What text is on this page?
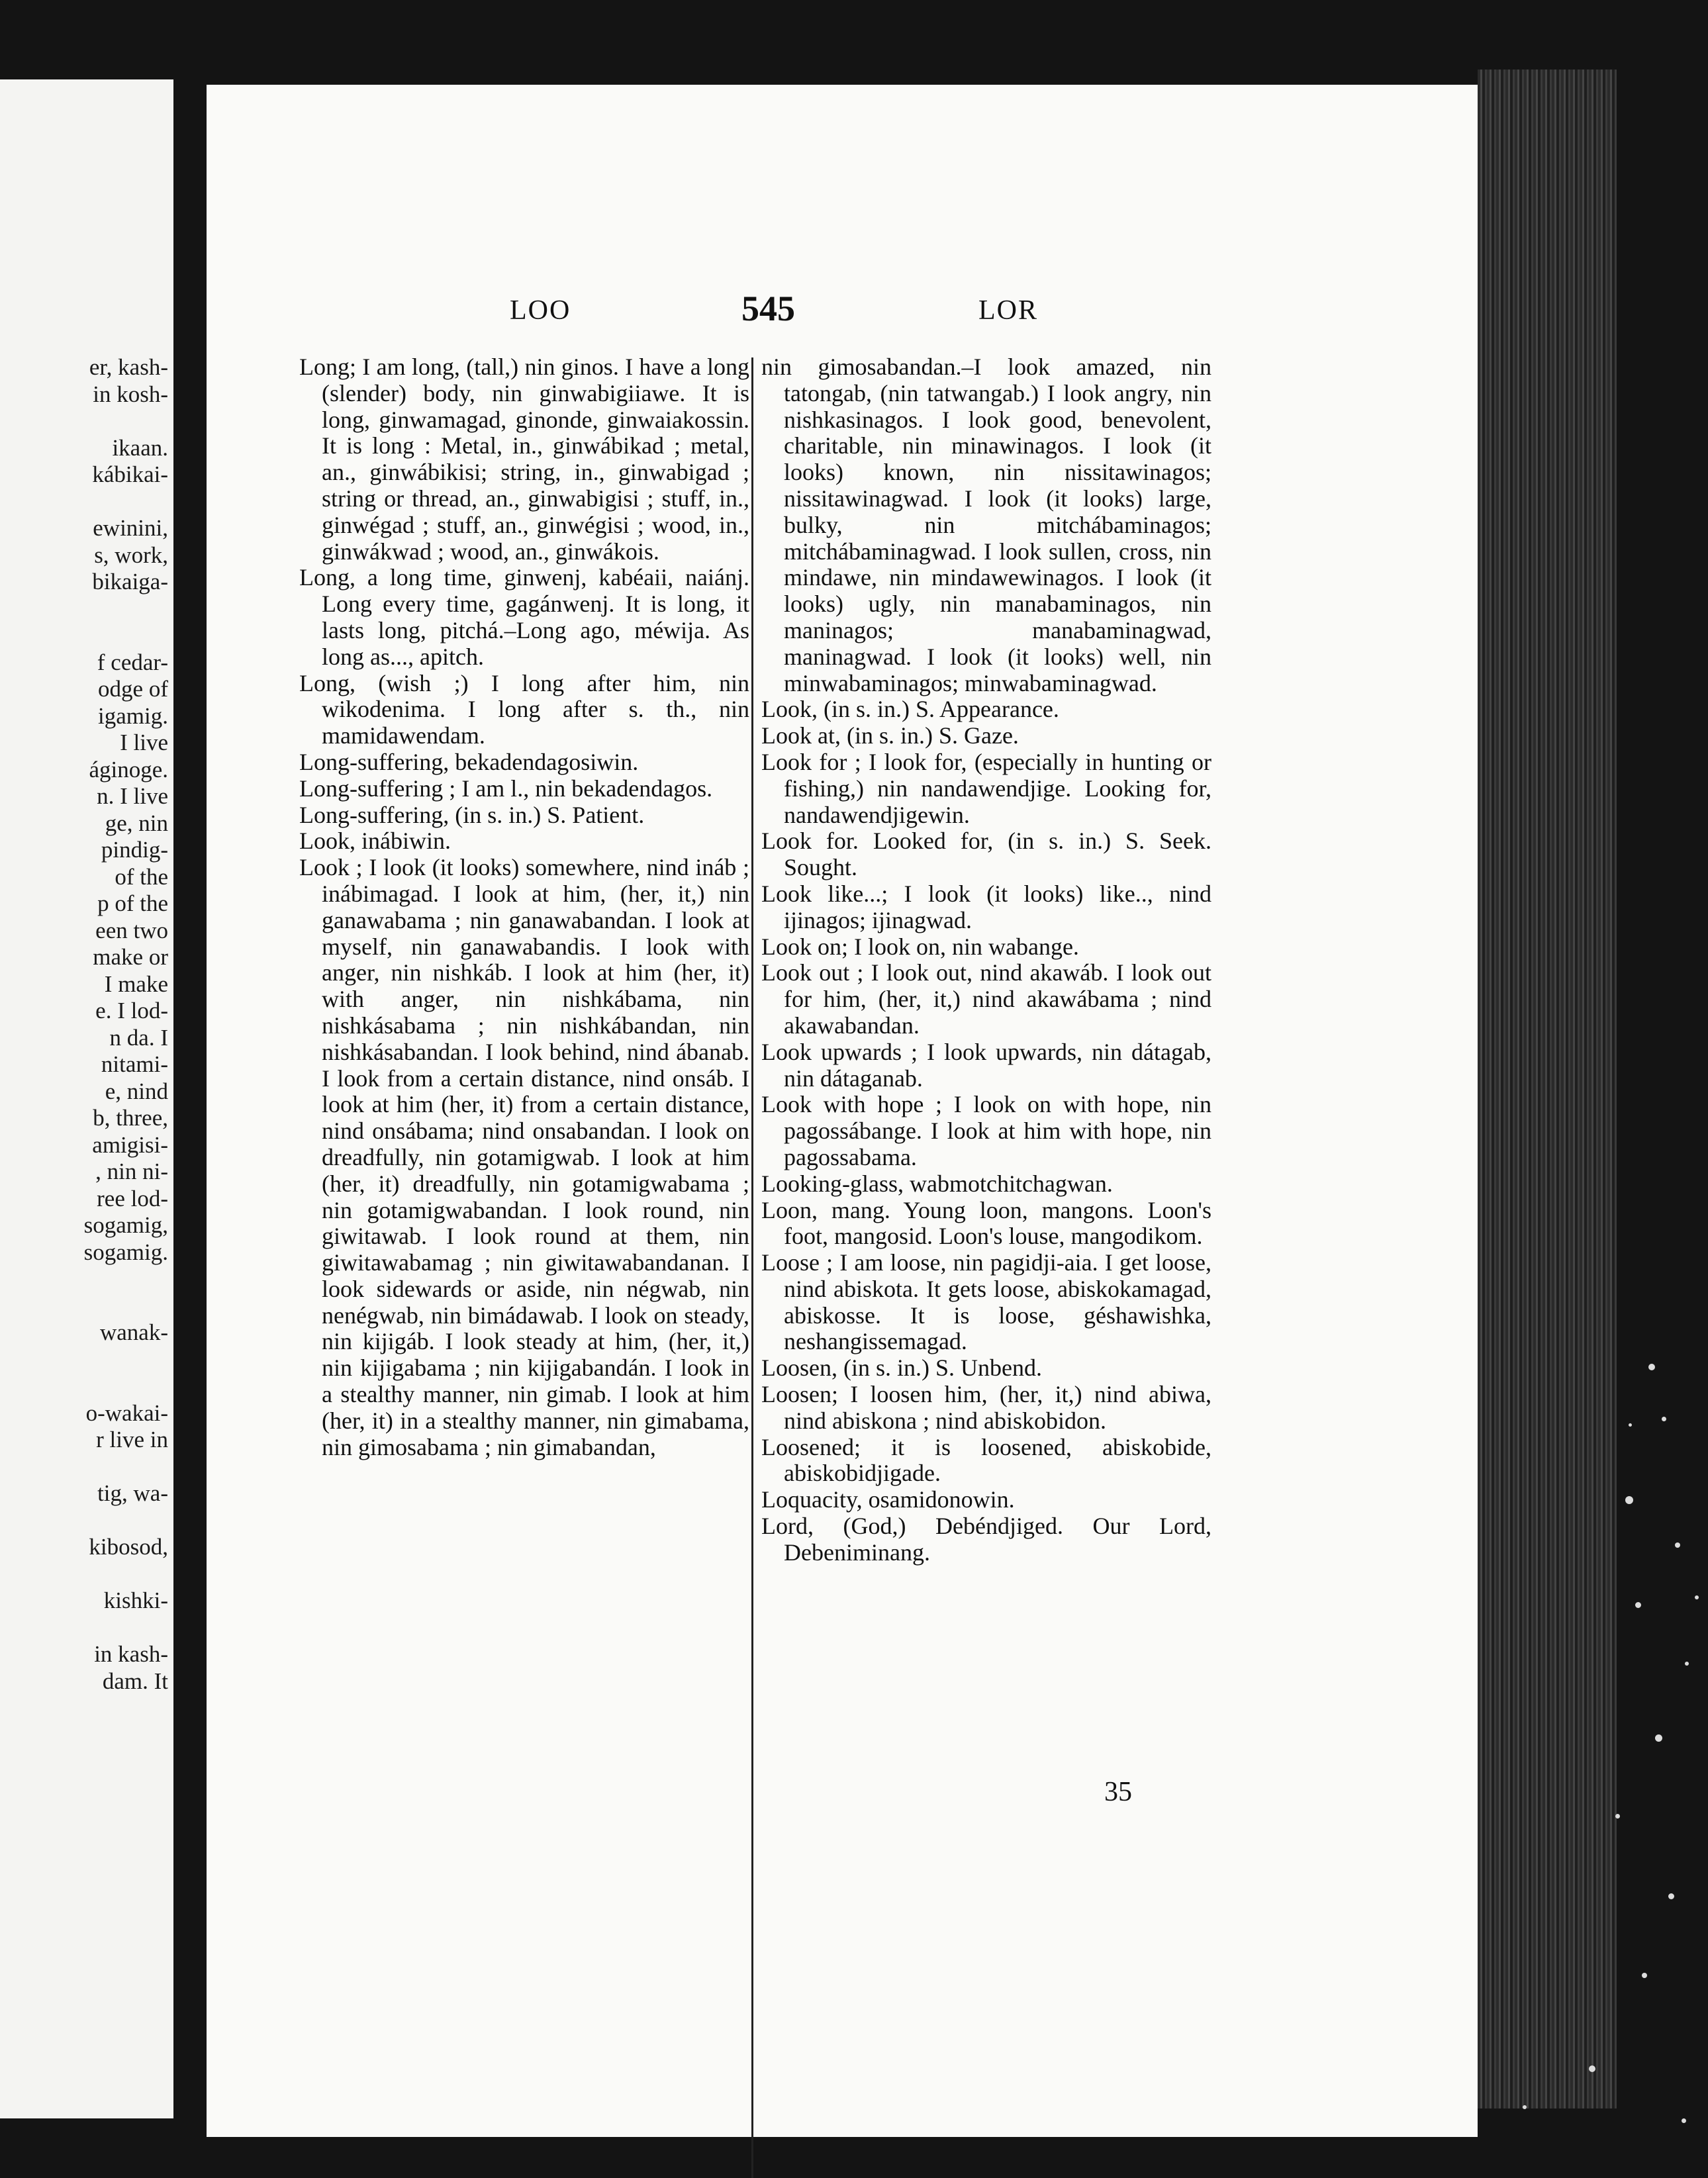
er, kash-
in kosh-
ikaan.
kábikai-
ewinini,
s, work,
bikaiga-
f cedar-
odge of
igamig.
I live
áginoge.
n. I live
ge, nin
pindig-
of the
p of the
een two
make or
I make
e. I lod-
n da. I
nitami-
e, nind
b, three,
amigisi-
, nin ni-
ree lod-
sogamig,
sogamig.
wanak-
o-wakai-
r live in
tig, wa-
kibosod,
kishki-
in kash-
dam. It
LOO	545	LOR
Long; I am long, (tall,) nin ginos. I have a long (slender) body, nin ginwabigiiawe. It is long, ginwamagad, ginonde, ginwaiakossin. It is long : Metal, in., ginwábikad ; metal, an., ginwábikisi; string, in., ginwabigad ; string or thread, an., ginwabigisi ; stuff, in., ginwégad ; stuff, an., ginwégisi ; wood, in., ginwákwad ; wood, an., ginwákois.
Long, a long time, ginwenj, kabéaii, naiánj. Long every time, gagánwenj. It is long, it lasts long, pitchá.–Long ago, méwija. As long as..., apitch.
Long, (wish ;) I long after him, nin wikodenima. I long after s. th., nin mamidawendam.
Long-suffering, bekadendagosiwin.
Long-suffering ; I am l., nin bekadendagos.
Long-suffering, (in s. in.) S. Patient.
Look, inábiwin.
Look ; I look (it looks) somewhere, nind ináb ; inábimagad. I look at him, (her, it,) nin ganawabama ; nin ganawabandan. I look at myself, nin ganawabandis. I look with anger, nin nishkáb. I look at him (her, it) with anger, nin nishkábama, nin nishkásabama ; nin nishkábandan, nin nishkásabandan. I look behind, nind ábanab. I look from a certain distance, nind onsáb. I look at him (her, it) from a certain distance, nind onsábama; nind onsabandan. I look on dreadfully, nin gotamigwab. I look at him (her, it) dreadfully, nin gotamigwabama ; nin gotamigwabandan. I look round, nin giwitawab. I look round at them, nin giwitawabamag ; nin giwitawabandanan. I look sidewards or aside, nin négwab, nin nenégwab, nin bimádawab. I look on steady, nin kijigáb. I look steady at him, (her, it,) nin kijigabama ; nin kijigabandán. I look in a stealthy manner, nin gimab. I look at him (her, it) in a stealthy manner, nin gimabama, nin gimosabama ; nin gimabandan,
nin gimosabandan.–I look amazed, nin tatongab, (nin tatwangab.) I look angry, nin nishkasinagos. I look good, benevolent, charitable, nin minawinagos. I look (it looks) known, nin nissitawinagos; nissitawinagwad. I look (it looks) large, bulky, nin mitchábaminagos; mitchábaminagwad. I look sullen, cross, nin mindawe, nin mindawewinagos. I look (it looks) ugly, nin manabaminagos, nin maninagos; manabaminagwad, maninagwad. I look (it looks) well, nin minwabaminagos; minwabaminagwad.
Look, (in s. in.) S. Appearance.
Look at, (in s. in.) S. Gaze.
Look for ; I look for, (especially in hunting or fishing,) nin nandawendjige. Looking for, nandawendjigewin.
Look for. Looked for, (in s. in.) S. Seek. Sought.
Look like...; I look (it looks) like.., nind ijinagos; ijinagwad.
Look on; I look on, nin wabange.
Look out ; I look out, nind akawáb. I look out for him, (her, it,) nind akawábama ; nind akawabandan.
Look upwards ; I look upwards, nin dátagab, nin dátaganab.
Look with hope ; I look on with hope, nin pagossábange. I look at him with hope, nin pagossabama.
Looking-glass, wabmotchitchagwan.
Loon, mang. Young loon, mangons. Loon's foot, mangosid. Loon's louse, mangodikom.
Loose ; I am loose, nin pagidji-aia. I get loose, nind abiskota. It gets loose, abiskokamagad, abiskosse. It is loose, géshawishka, neshangissemagad.
Loosen, (in s. in.) S. Unbend.
Loosen; I loosen him, (her, it,) nind abiwa, nind abiskona ; nind abiskobidon.
Loosened; it is loosened, abiskobide, abiskobidjigade.
Loquacity, osamidonowin.
Lord, (God,) Debéndjiged. Our Lord, Debeniminang.
35
